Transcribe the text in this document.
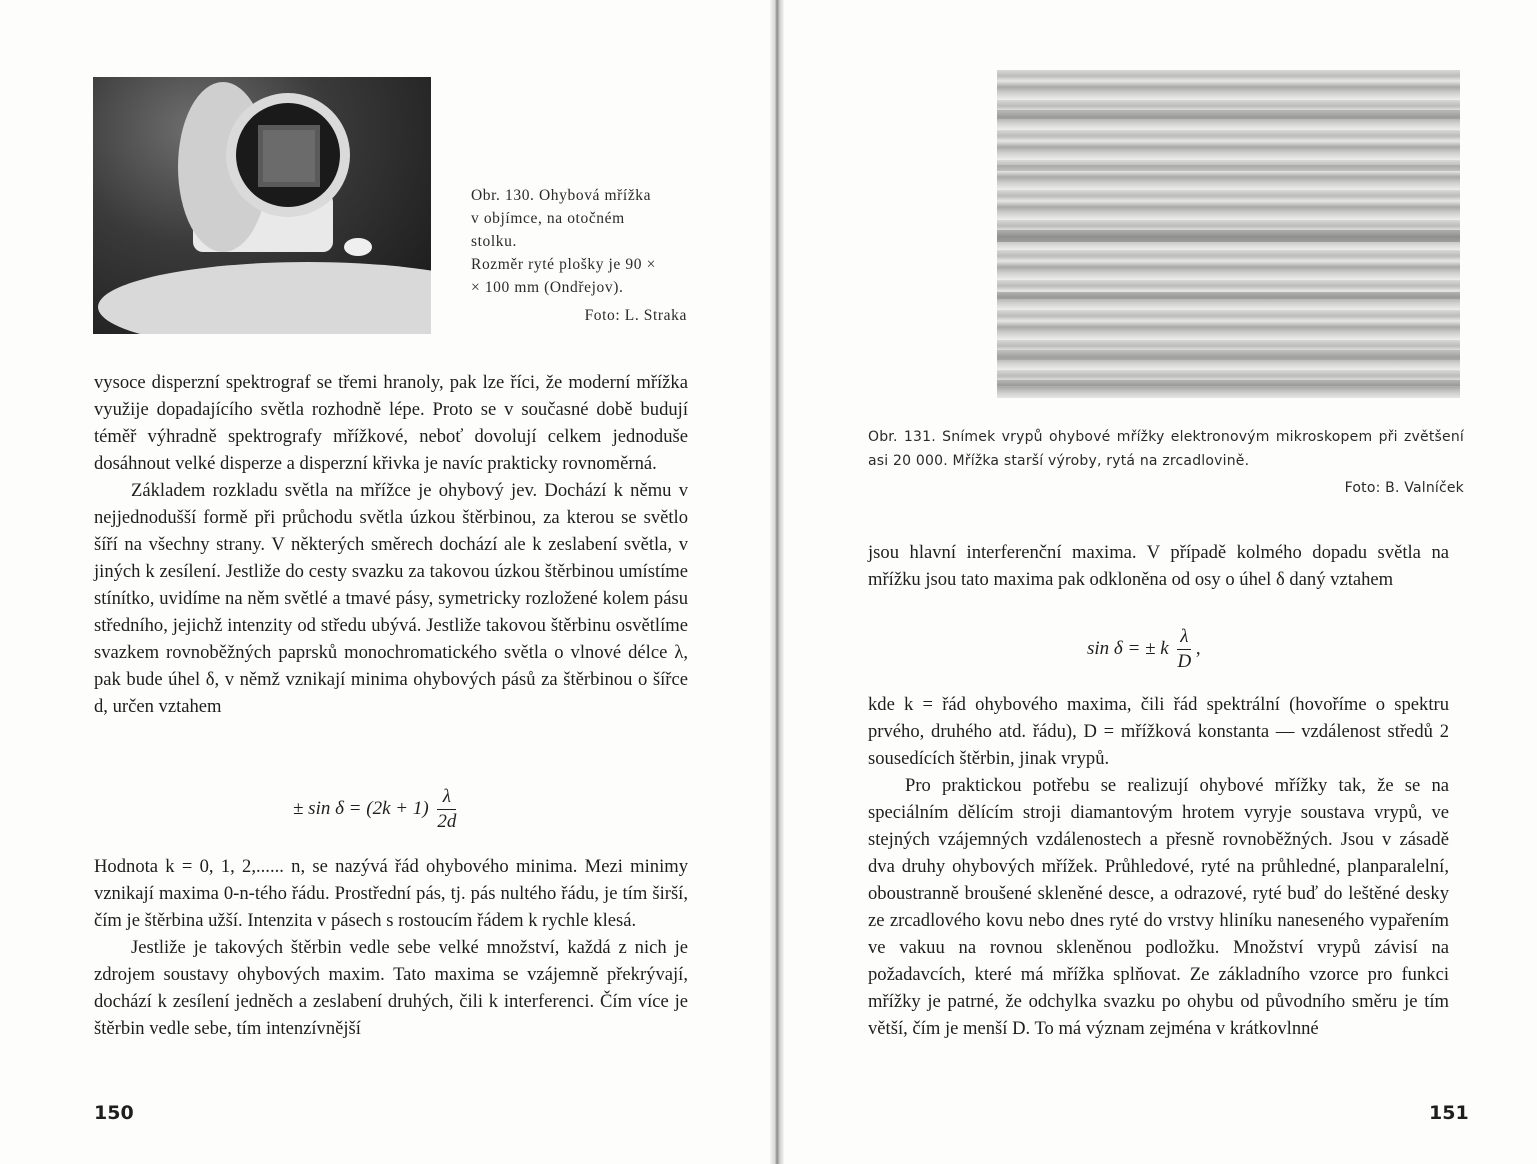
Obr. 130. Ohybová mřížka
v objímce, na otočném
stolku.
Rozměr ryté plošky je 90 ×
× 100 mm (Ondřejov).
Foto: L. Straka

vysoce disperzní spektrograf se třemi hranoly, pak lze říci, že moderní mřížka využije dopadajícího světla rozhodně lépe. Proto se v současné době budují téměř výhradně spektrografy mřížkové, neboť dovolují celkem jednoduše dosáhnout velké disperze a disperzní křivka je navíc prakticky rovnoměrná.

Základem rozkladu světla na mřížce je ohybový jev. Dochází k němu v nejjednodušší formě při průchodu světla úzkou štěrbinou, za kterou se světlo šíří na všechny strany. V některých směrech dochází ale k zeslabení světla, v jiných k zesílení. Jestliže do cesty svazku za takovou úzkou štěrbinou umístíme stínítko, uvidíme na něm světlé a tmavé pásy, symetricky rozložené kolem pásu středního, jejichž intenzity od středu ubývá. Jestliže takovou štěrbinu osvětlíme svazkem rovnoběžných paprsků monochromatického světla o vlnové délce λ, pak bude úhel δ, v němž vznikají minima ohybových pásů za štěrbinou o šířce d, určen vztahem

± $\sin \delta = (2k + 1) \frac{\lambda}{2d}$

Hodnota k = 0, 1, 2,...... n, se nazývá řád ohybového minima. Mezi minimy vznikají maxima 0-n-tého řádu. Prostřední pás, tj. pás nultého řádu, je tím širší, čím je štěrbina užší. Intenzita v pásech s rostoucím řádem k rychle klesá.

Jestliže je takových štěrbin vedle sebe velké množství, každá z nich je zdrojem soustavy ohybových maxim. Tato maxima se vzájemně překrývají, dochází k zesílení jedněch a zeslabení druhých, čili k interferenci. Čím více je štěrbin vedle sebe, tím intenzívnější

150
Obr. 131. Snímek vrypů ohybové mřížky elektronovým mikroskopem při zvětšení asi 20 000. Mřížka starší výroby, rytá na zrcadlovině.
Foto: B. Valníček

jsou hlavní interferenční maxima. V případě kolmého dopadu světla na mřížku jsou tato maxima pak odkloněna od osy o úhel δ daný vztahem

sin δ = ± k $\frac{\lambda}{D}$ ,

kde k = řád ohybového maxima, čili řád spektrální (hovoříme o spektru prvého, druhého atd. řádu), D = mřížková konstanta — vzdálenost středů 2 sousedících štěrbin, jinak vrypů.

Pro praktickou potřebu se realizují ohybové mřížky tak, že se na speciálním dělícím stroji diamantovým hrotem vyryje soustava vrypů, ve stejných vzájemných vzdálenostech a přesně rovnoběžných. Jsou v zásadě dva druhy ohybových mřížek. Průhledové, ryté na průhledné, planparalelní, oboustranně broušené skleněné desce, a odrazové, ryté buď do leštěné desky ze zrcadlového kovu nebo dnes ryté do vrstvy hliníku naneseného vypařením ve vakuu na rovnou skleněnou podložku. Množství vrypů závisí na požadavcích, které má mřížka splňovat. Ze základního vzorce pro funkci mřížky je patrné, že odchylka svazku po ohybu od původního směru je tím větší, čím je menší D. To má význam zejména v krátkovlnné

151
